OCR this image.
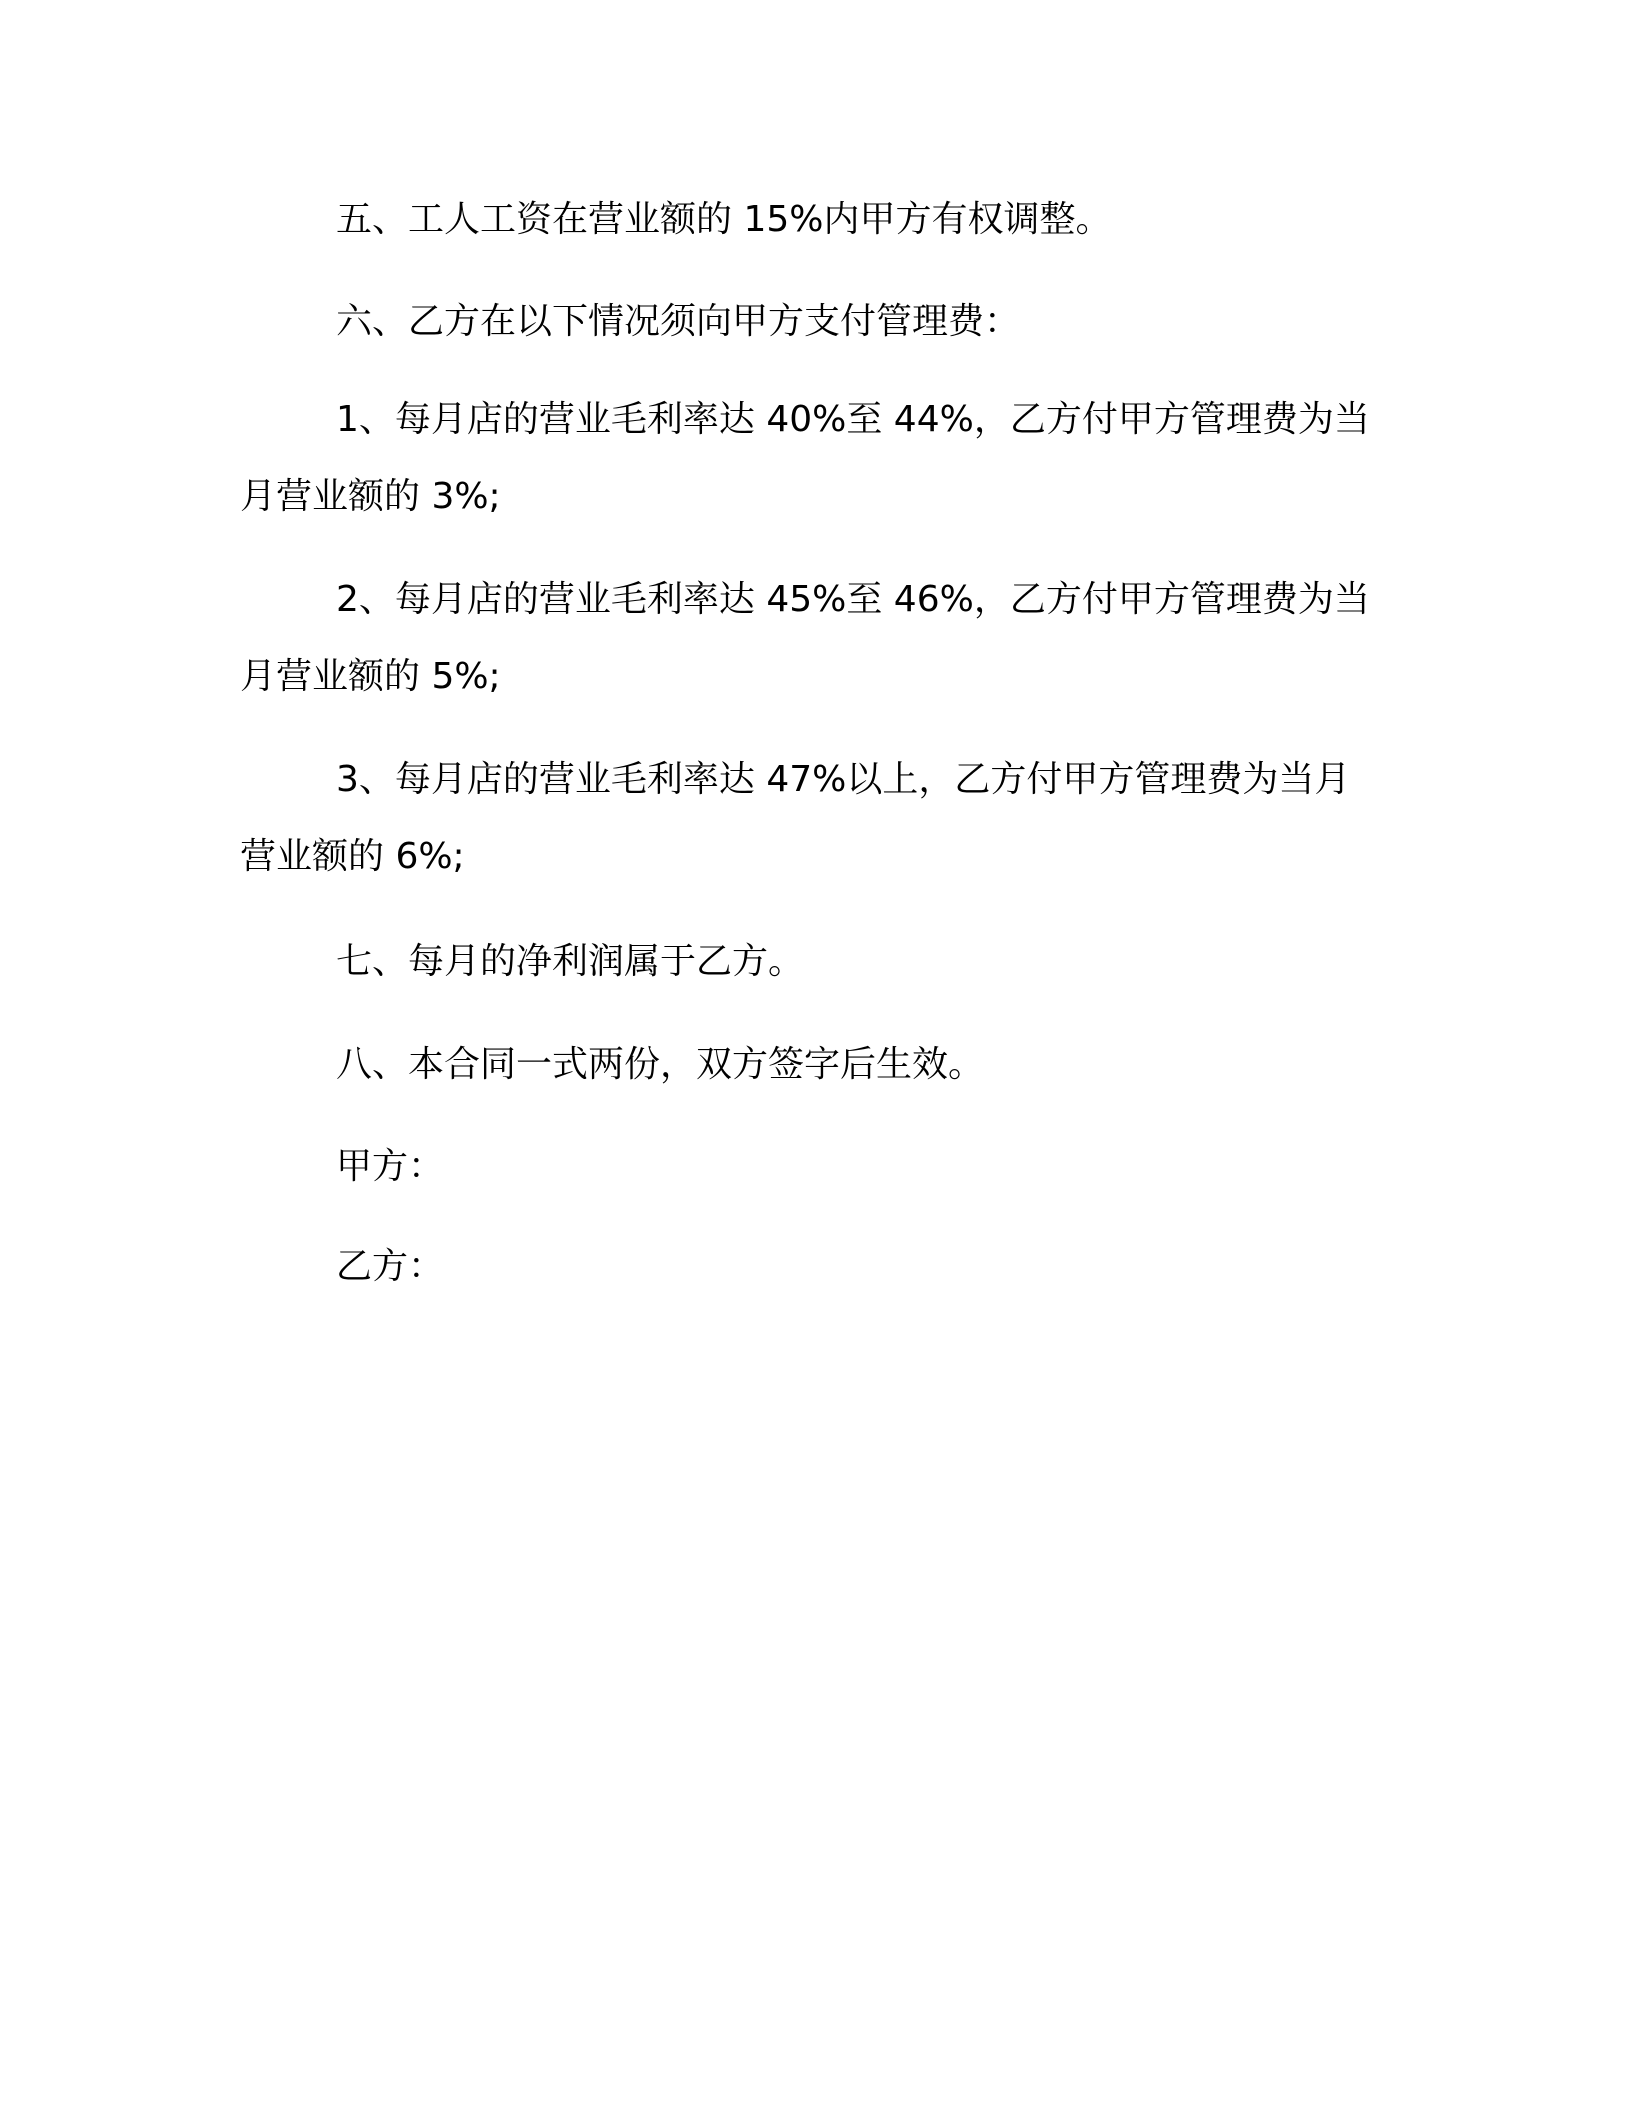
五、工人工资在营业额的 15%内甲方有权调整。

六、乙方在以下情况须向甲方支付管理费：

1、每月店的营业毛利率达 40%至 44%，乙方付甲方管理费为当
月营业额的 3%;
2、每月店的营业毛利率达 45%至 46%，乙方付甲方管理费为当
月营业额的 5%;
3、每月店的营业毛利率达 47%以上，乙方付甲方管理费为当月
营业额的 6%;

七、每月的净利润属于乙方。

八、本合同一式两份，双方签字后生效。

甲方：

乙方：
